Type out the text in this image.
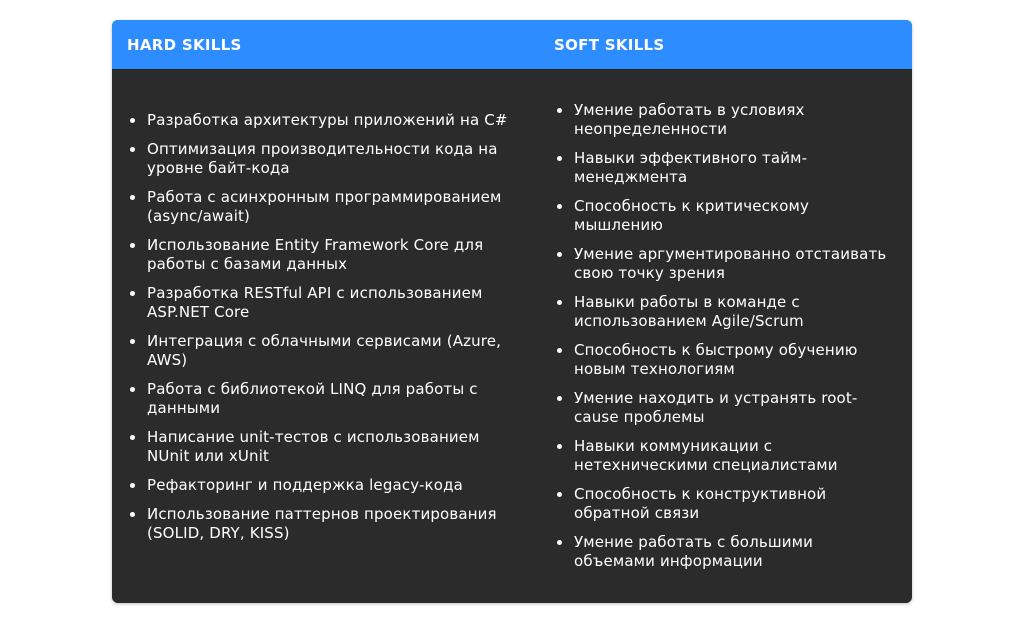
HARD SKILLS	SOFT SKILLS
Разработка архитектуры приложений на C#
Оптимизация производительности кода на уровне байт-кода
Работа с асинхронным программированием (async/await)
Использование Entity Framework Core для работы с базами данных
Разработка RESTful API с использованием ASP.NET Core
Интеграция с облачными сервисами (Azure, AWS)
Работа с библиотекой LINQ для работы с данными
Написание unit-тестов с использованием NUnit или xUnit
Рефакторинг и поддержка legacy-кода
Использование паттернов проектирования (SOLID, DRY, KISS)
Умение работать в условиях неопределенности
Навыки эффективного тайм-менеджмента
Способность к критическому мышлению
Умение аргументированно отстаивать свою точку зрения
Навыки работы в команде с использованием Agile/Scrum
Способность к быстрому обучению новым технологиям
Умение находить и устранять root-cause проблемы
Навыки коммуникации с нетехническими специалистами
Способность к конструктивной обратной связи
Умение работать с большими объемами информации
